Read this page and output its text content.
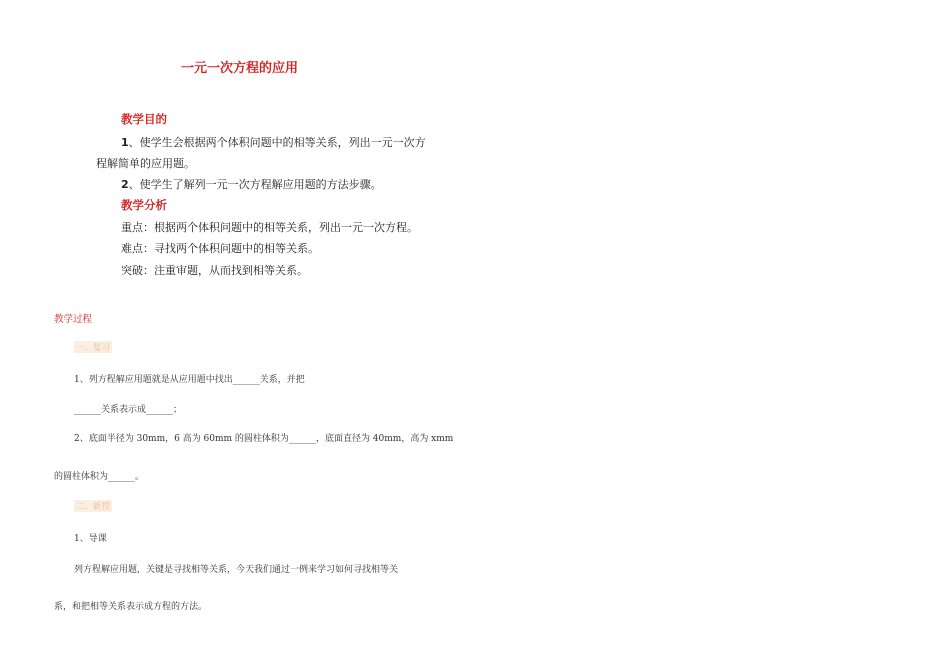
一元一次方程的应用
教学目的
1、使学生会根据两个体积问题中的相等关系，列出一元一次方
程解简单的应用题。
2、使学生了解列一元一次方程解应用题的方法步骤。
教学分析
重点：根据两个体积问题中的相等关系，列出一元一次方程。
难点：寻找两个体积问题中的相等关系。
突破：注重审题，从而找到相等关系。
教学过程
一、复习
1、列方程解应用题就是从应用题中找出______关系，并把
______关系表示成______；
2、底面半径为 30mm，6 高为 60mm 的圆柱体积为______，底面直径为 40mm，高为 xmm
的圆柱体积为______。
二、新授
1、导课
列方程解应用题，关键是寻找相等关系，今天我们通过一例来学习如何寻找相等关
系，和把相等关系表示成方程的方法。
